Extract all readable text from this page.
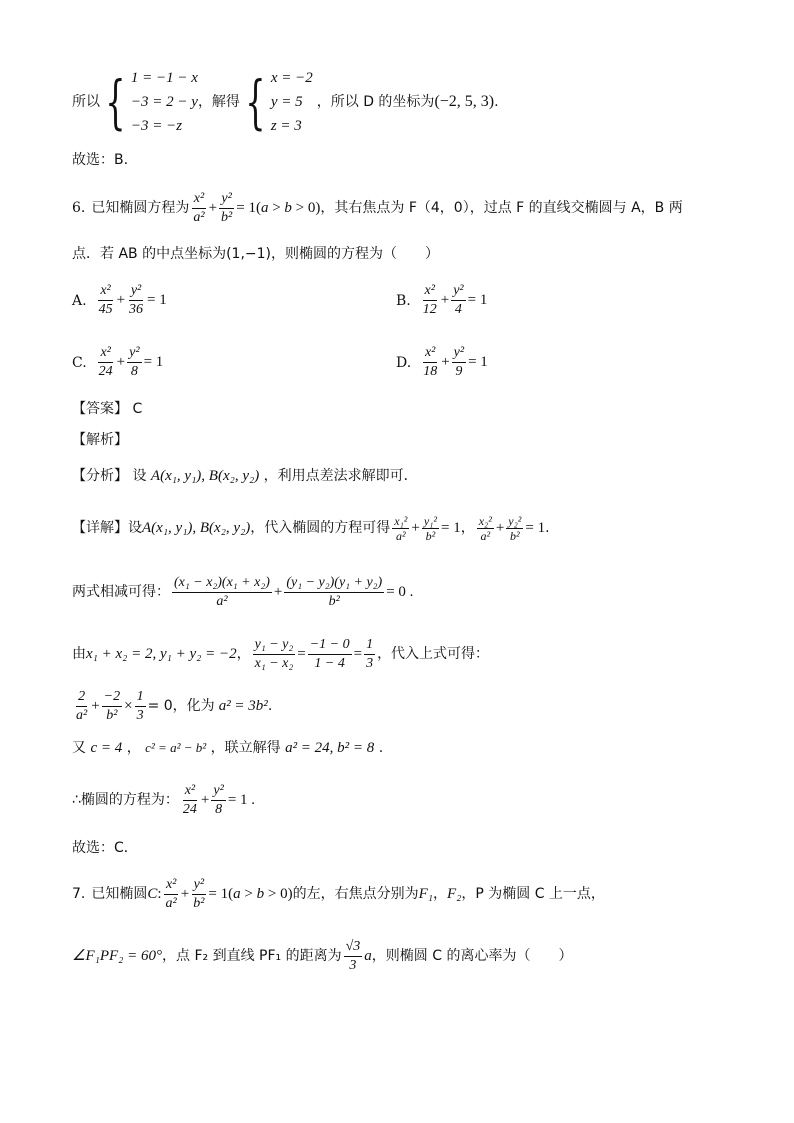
所以 { 1 = −1 − x
−3 = 2 − y
−3 = −z
，解得 { x = −2
y = 5
z = 3
，所以 D 的坐标为 (−2, 5, 3) .
故选：B.
6. 已知椭圆方程为 $\frac{\text{x²}}{\text{a²}} + \frac{\text{y²}}{\text{b²}} = 1(a > b > 0)$ ，其右焦点为 F（4，0），过点 F 的直线交椭圆与 A，B 两
点．若 AB 的中点坐标为(1,−1)，则椭圆的方程为（　　）
A. $\frac{\text{x²}}{45} + \frac{\text{y²}}{36} = 1$	B. $\frac{\text{x²}}{12} + \frac{\text{y²}}{4} = 1$
C. $\frac{\text{x²}}{24} + \frac{\text{y²}}{8} = 1$	D. $\frac{\text{x²}}{18} + \frac{\text{y²}}{9} = 1$
【答案】 C
【解析】
【分析】 设 A(x₁, y₁), B(x₂, y₂) ，利用点差法求解即可．
【详解】 设 A(x₁, y₁), B(x₂, y₂) ，代入椭圆的方程可得 $\frac{\text{x₁²}}{\text{a²}} + \frac{\text{y₁²}}{\text{b²}} = 1$ ， $\frac{\text{x₂²}}{\text{a²}} + \frac{\text{y₂²}}{\text{b²}} = 1$ .
两式相减可得： $\frac{\text{(x₁ − x₂)(x₁ + x₂)}}{\text{a²}} + \frac{\text{(y₁ − y₂)(y₁ + y₂)}}{\text{b²}} = 0$ .
由 x₁ + x₂ = 2, y₁ + y₂ = −2 ， $\frac{\text{y₁ − y₂}}{\text{x₁ − x₂}} = \frac{-1 - 0}{1 - 4} = \frac{1}{3}$ ，代入上式可得：
$\frac{2}{\text{a²}} + \frac{-2}{\text{b²}} \times \frac{1}{3} = 0$，化为 a² = 3b² .
又 c = 4 ， c² = a² − b² ，联立解得 a² = 24, b² = 8 .
∴椭圆的方程为： $\frac{\text{x²}}{24} + \frac{\text{y²}}{8} = 1$ .
故选：C．
7. 已知椭圆 C : $\frac{\text{x²}}{\text{a²}} + \frac{\text{y²}}{\text{b²}} = 1(a > b > 0)$ 的左，右焦点分别为 F₁ ， F₂ ，P 为椭圆 C 上一点，
∠F₁PF₂ = 60° ，点 F₂ 到直线 PF₁ 的距离为 $\frac{√3}{3}$ a ，则椭圆 C 的离心率为（　　）
